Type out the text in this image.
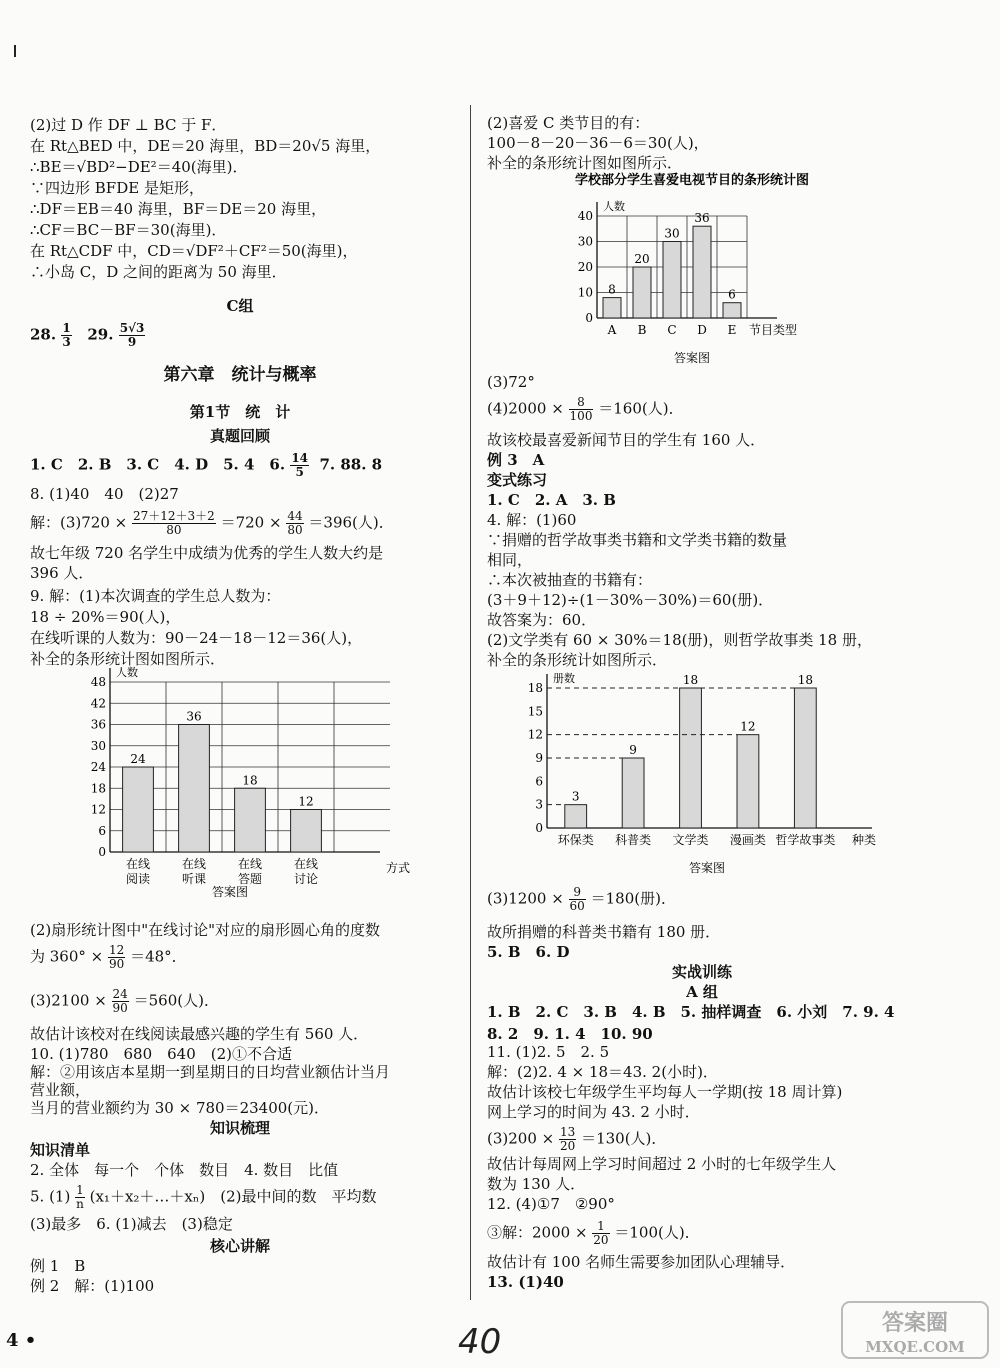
(2)过 D 作 DF ⊥ BC 于 F．
在 Rt△BED 中，DE＝20 海里，BD＝20√5 海里，
∴BE＝√BD²−DE²＝40(海里)．
∵四边形 BFDE 是矩形，
∴DF＝EB＝40 海里，BF＝DE＝20 海里，
∴CF＝BC－BF＝30(海里)．
在 Rt△CDF 中，CD＝√DF²＋CF²＝50(海里)，
∴小岛 C，D 之间的距离为 50 海里．
C组
28. $\frac{1}{3} 29$. $\frac{5√3}{9}$
第六章　统计与概率
第1节　统　计
真题回顾
1. C　2. B　3. C　4. D　5. 4　6. $\frac{14}{5} 7$. 88. 8
8. (1)40　40　(2)27
解：$(3)720 \times \frac{27+12+3+2}{80} =720 \times \frac{44}{80} =396$(人)．
故七年级 720 名学生中成绩为优秀的学生人数大约是
396 人．
9. 解：(1)本次调查的学生总人数为：
18 ÷ 20%＝90(人)，
在线听课的人数为：90－24－18－12＝36(人)，
补全的条形统计图如图所示．
0
6
12
18
24
30
36
42
48
人数
方式
24
在线
阅读
36
在线
听课
18
在线
答题
12
在线
讨论
答案图
(2)扇形统计图中"在线讨论"对应的扇形圆心角的度数
为 $360^\circ \times \frac{12}{90} =48^\circ$．
$(3)2100 \times \frac{24}{90} =560$(人)．
故估计该校对在线阅读最感兴趣的学生有 560 人．
10. (1)780　680　640　(2)①不合适
解：②用该店本星期一到星期日的日均营业额估计当月
营业额，
当月的营业额约为 30 × 780＝23400(元)．
知识梳理
知识清单
2. 全体　每一个　个体　数目　4. 数目　比值
5. $(1) \frac{1}{n}$ (x₁＋x₂＋…＋xₙ)　(2)最中间的数　平均数
(3)最多　6. (1)减去　(3)稳定
核心讲解
例 1　B
例 2　解：(1)100
(2)喜爱 C 类节目的有：
100－8－20－36－6＝30(人)，
补全的条形统计图如图所示．
学校部分学生喜爱电视节目的条形统计图
0
10
20
30
40
人数
节目类型
8
A
20
B
30
C
36
D
6
E
答案图
(3)72°
$(4)2000 \times \frac{8}{100} =160$(人)．
故该校最喜爱新闻节目的学生有 160 人．
例 3　A
变式练习
1. C　2. A　3. B
4. 解：(1)60
∵捐赠的哲学故事类书籍和文学类书籍的数量
相同，
∴本次被抽查的书籍有：
(3＋9＋12)÷(1－30%－30%)＝60(册)．
故答案为：60．
(2)文学类有 60 × 30%＝18(册)，则哲学故事类 18 册，
补全的条形统计如图所示．
0
3
6
9
12
15
18
册数
种类
3
环保类
9
科普类
18
文学类
12
漫画类
18
哲学故事类
答案图
$(3)1200 \times \frac{9}{60} =180$(册)．
故所捐赠的科普类书籍有 180 册．
5. B　6. D
实战训练
A 组
1. B　2. C　3. B　4. B　5. 抽样调查　6. 小刘　7. 9. 4
8. 2　9. 1. 4　10. 90
11. (1)2. 5　2. 5
解：(2)2. 4 × 18＝43. 2(小时)．
故估计该校七年级学生平均每人一学期(按 18 周计算)
网上学习的时间为 43. 2 小时．
$(3)200 \times \frac{13}{20} =130$(人)．
故估计每周网上学习时间超过 2 小时的七年级学生人
数为 130 人．
12. (4)①7　②90°
③解：$2000 \times \frac{1}{20} =100$(人)．
故估计有 100 名师生需要参加团队心理辅导．
13. (1)40
4 •	40	答案圈
MXQE.COM
